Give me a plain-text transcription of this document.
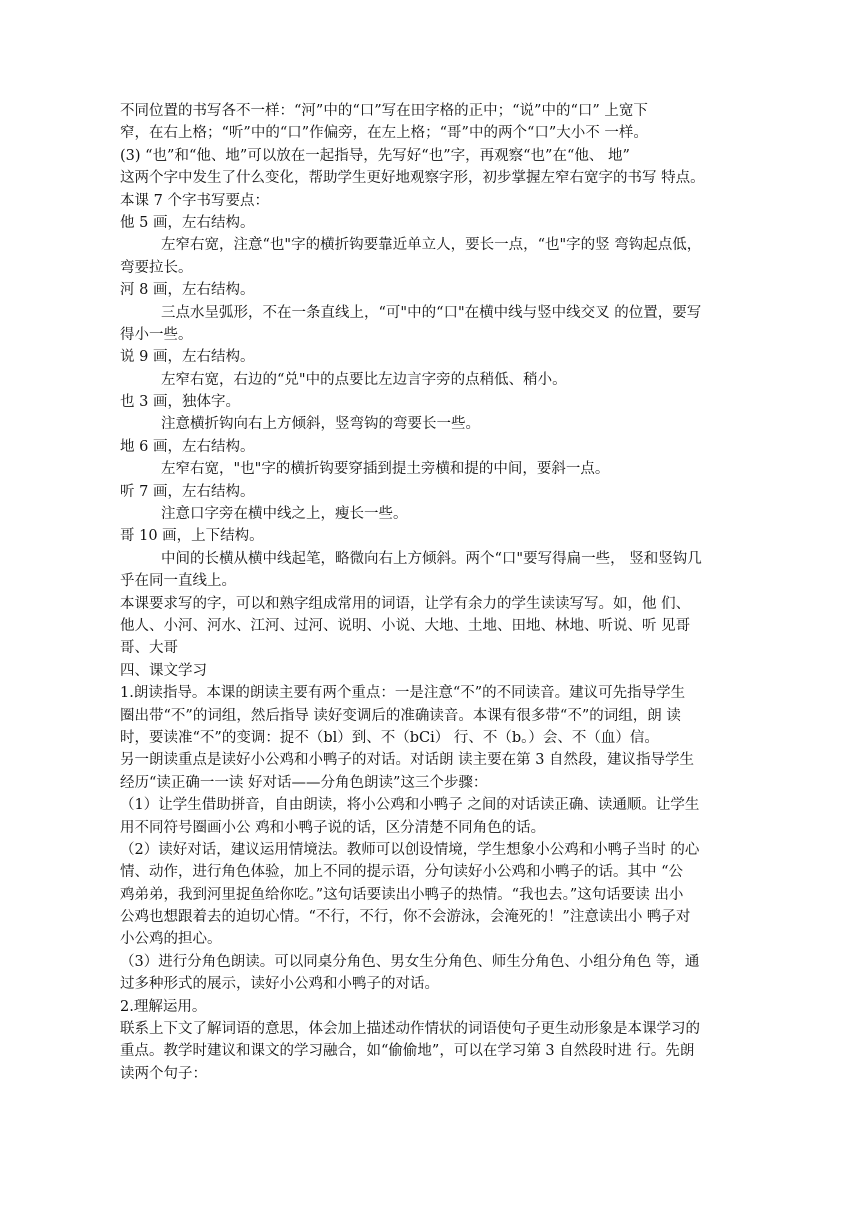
不同位置的书写各不一样：“河”中的“口”写在田字格的正中；“说”中的“口” 上宽下
窄，在右上格；“听”中的“口”作偏旁，在左上格；“哥”中的两个“口”大小不 一样。
(3) “也”和“他、地”可以放在一起指导，先写好“也”字，再观察“也”在“他、 地”
这两个字中发生了什么变化，帮助学生更好地观察字形，初步掌握左窄右宽字的书写 特点。
本课 7 个字书写要点：
他 5 画，左右结构。
左窄右宽，注意“也"字的横折钩要靠近单立人，要长一点，“也"字的竖 弯钩起点低，
弯要拉长。
河 8 画，左右结构。
三点水呈弧形，不在一条直线上，“可"中的“口"在横中线与竖中线交叉 的位置，要写
得小一些。
说 9 画，左右结构。
左窄右宽，右边的“兑"中的点要比左边言字旁的点稍低、稍小。
也 3 画，独体字。
注意横折钩向右上方倾斜，竖弯钩的弯要长一些。
地 6 画，左右结构。
左窄右宽，"也"字的横折钩要穿插到提土旁横和提的中间，要斜一点。
听 7 画，左右结构。
注意口字旁在横中线之上，瘦长一些。
哥 10 画，上下结构。
中间的长横从横中线起笔，略微向右上方倾斜。两个“口"要写得扁一些， 竖和竖钩几
乎在同一直线上。
本课要求写的字，可以和熟字组成常用的词语，让学有余力的学生读读写写。如，他 们、
他人、小河、河水、江河、过河、说明、小说、大地、土地、田地、林地、听说、听 见哥
哥、大哥
四、课文学习
1.朗读指导。本课的朗读主要有两个重点：一是注意“不”的不同读音。建议可先指导学生
圈出带“不”的词组，然后指导 读好变调后的准确读音。本课有很多带“不”的词组，朗 读
时，要读准“不”的变调：捉不（bl）到、不（bCi） 行、不（b。）会、不（血）信。
另一朗读重点是读好小公鸡和小鸭子的对话。对话朗 读主要在第 3 自然段，建议指导学生
经历“读正确一一读 好对话——分角色朗读”这三个步骤：
（1）让学生借助拼音，自由朗读，将小公鸡和小鸭子 之间的对话读正确、读通顺。让学生
用不同符号圈画小公 鸡和小鸭子说的话，区分清楚不同角色的话。
（2）读好对话，建议运用情境法。教师可以创设情境，学生想象小公鸡和小鸭子当时 的心
情、动作，进行角色体验，加上不同的提示语，分句读好小公鸡和小鸭子的话。其中 “公
鸡弟弟，我到河里捉鱼给你吃。”这句话要读出小鸭子的热情。“我也去。”这句话要读 出小
公鸡也想跟着去的迫切心情。“不行，不行，你不会游泳，会淹死的！”注意读出小 鸭子对
小公鸡的担心。
（3）进行分角色朗读。可以同桌分角色、男女生分角色、师生分角色、小组分角色 等，通
过多种形式的展示，读好小公鸡和小鸭子的对话。
2.理解运用。
联系上下文了解词语的意思，体会加上描述动作情状的词语使句子更生动形象是本课学习的
重点。教学时建议和课文的学习融合，如“偷偷地”，可以在学习第 3 自然段时进 行。先朗
读两个句子：
